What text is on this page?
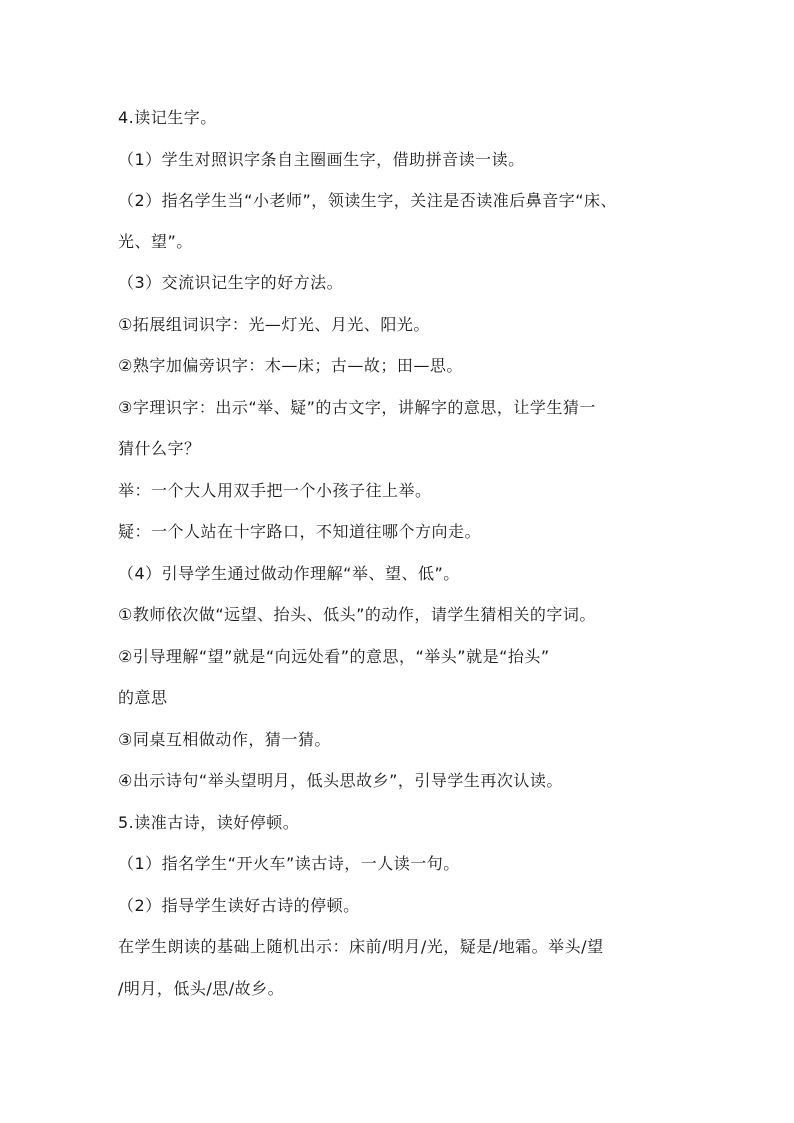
4.读记生字。
（1）学生对照识字条自主圈画生字，借助拼音读一读。
（2）指名学生当“小老师”，领读生字，关注是否读准后鼻音字“床、
光、望”。
（3）交流识记生字的好方法。
①拓展组词识字：光—灯光、月光、阳光。
②熟字加偏旁识字：木—床；古—故；田—思。
③字理识字：出示“举、疑”的古文字，讲解字的意思，让学生猜一
猜什么字？
举：一个大人用双手把一个小孩子往上举。
疑：一个人站在十字路口，不知道往哪个方向走。
（4）引导学生通过做动作理解“举、望、低”。
①教师依次做“远望、抬头、低头”的动作，请学生猜相关的字词。
②引导理解“望”就是“向远处看”的意思，“举头”就是“抬头”
的意思
③同桌互相做动作，猜一猜。
④出示诗句“举头望明月，低头思故乡”，引导学生再次认读。
5.读准古诗，读好停顿。
（1）指名学生“开火车”读古诗，一人读一句。
（2）指导学生读好古诗的停顿。
在学生朗读的基础上随机出示：床前/明月/光，疑是/地霜。举头/望
/明月，低头/思/故乡。
